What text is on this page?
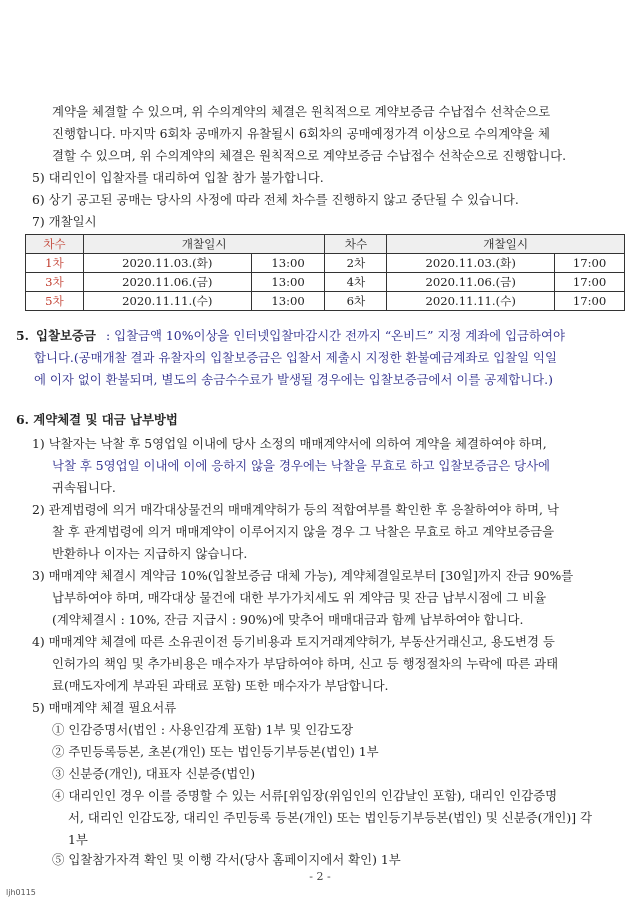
계약을 체결할 수 있으며, 위 수의계약의 체결은 원칙적으로 계약보증금 수납접수 선착순으로
진행합니다. 마지막 6회차 공매까지 유찰될시 6회차의 공매예정가격 이상으로 수의계약을 체
결할 수 있으며, 위 수의계약의 체결은 원칙적으로 계약보증금 수납접수 선착순으로 진행합니다.
5) 대리인이 입찰자를 대리하여 입찰 참가 불가합니다.
6) 상기 공고된 공매는 당사의 사정에 따라 전체 차수를 진행하지 않고 중단될 수 있습니다.
7) 개찰일시
차수	개찰일시		차수	개찰일시	
1차	2020.11.03.(화)	13:00	2차	2020.11.03.(화)	17:00
3차	2020.11.06.(금)	13:00	4차	2020.11.06.(금)	17:00
5차	2020.11.11.(수)	13:00	6차	2020.11.11.(수)	17:00
5. 입찰보증금 : 입찰금액 10%이상을 인터넷입찰마감시간 전까지 “온비드” 지정 계좌에 입금하여야
합니다.(공매개찰 결과 유찰자의 입찰보증금은 입찰서 제출시 지정한 환불예금계좌로 입찰일 익일
에 이자 없이 환불되며, 별도의 송금수수료가 발생될 경우에는 입찰보증금에서 이를 공제합니다.)
6. 계약체결 및 대금 납부방법
1) 낙찰자는 낙찰 후 5영업일 이내에 당사 소정의 매매계약서에 의하여 계약을 체결하여야 하며,
낙찰 후 5영업일 이내에 이에 응하지 않을 경우에는 낙찰을 무효로 하고 입찰보증금은 당사에
귀속됩니다.
2) 관계법령에 의거 매각대상물건의 매매계약허가 등의 적합여부를 확인한 후 응찰하여야 하며, 낙
찰 후 관계법령에 의거 매매계약이 이루어지지 않을 경우 그 낙찰은 무효로 하고 계약보증금을
반환하나 이자는 지급하지 않습니다.
3) 매매계약 체결시 계약금 10%(입찰보증금 대체 가능), 계약체결일로부터 [30일]까지 잔금 90%를
납부하여야 하며, 매각대상 물건에 대한 부가가치세도 위 계약금 및 잔금 납부시점에 그 비율
(계약체결시 : 10%, 잔금 지급시 : 90%)에 맞추어 매매대금과 함께 납부하여야 합니다.
4) 매매계약 체결에 따른 소유권이전 등기비용과 토지거래계약허가, 부동산거래신고, 용도변경 등
인허가의 책임 및 추가비용은 매수자가 부담하여야 하며, 신고 등 행정절차의 누락에 따른 과태
료(매도자에게 부과된 과태료 포함) 또한 매수자가 부담합니다.
5) 매매계약 체결 필요서류
① 인감증명서(법인 : 사용인감계 포함) 1부 및 인감도장
② 주민등록등본, 초본(개인) 또는 법인등기부등본(법인) 1부
③ 신분증(개인), 대표자 신분증(법인)
④ 대리인인 경우 이를 증명할 수 있는 서류[위임장(위임인의 인감날인 포함), 대리인 인감증명
서, 대리인 인감도장, 대리인 주민등록 등본(개인) 또는 법인등기부등본(법인) 및 신분증(개인)] 각
1부
⑤ 입찰참가자격 확인 및 이행 각서(당사 홈페이지에서 확인) 1부
- 2 -
ljh0115
